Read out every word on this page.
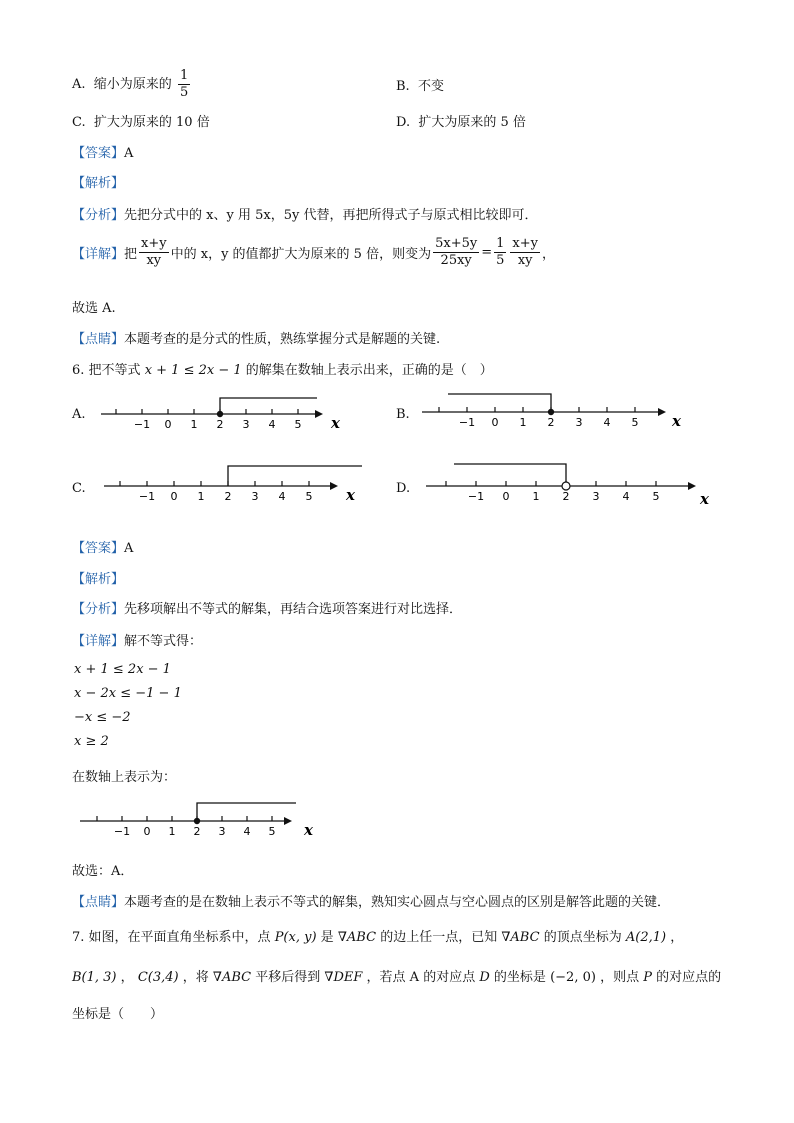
A. 缩小为原来的 $\frac{1}{5}$	B. 不变
C. 扩大为原来的 10 倍	D. 扩大为原来的 5 倍
【答案】A
【解析】
【分析】先把分式中的 x、y 用 5x，5y 代替，再把所得式子与原式相比较即可．
【详解】 把 $\frac{x+y}{xy}$ 中的 x，y 的值都扩大为原来的 5 倍，则变为 $\frac{5x+5y}{25xy} = \frac{1}{5} \frac{x+y}{xy}$ ，
故选 A.
【点睛】本题考查的是分式的性质，熟练掌握分式是解题的关键.
6. 把不等式 x + 1 ≤ 2x − 1 的解集在数轴上表示出来，正确的是（　）
A.
−1 0 1 2 3 4 5 x	B.
−1 0 1 2 3 4 5 x
C.
−1 0 1 2 3 4 5 x	D.
−1 0 1 2 3 4 5	x
【答案】A
【解析】
【分析】先移项解出不等式的解集，再结合选项答案进行对比选择．
【详解】解不等式得：
x + 1 ≤ 2x − 1
x − 2x ≤ −1 − 1
−x ≤ −2
x ≥ 2
在数轴上表示为：
−1 0 1 2 3 4 5 x
故选：A．
【点睛】本题考查的是在数轴上表示不等式的解集，熟知实心圆点与空心圆点的区别是解答此题的关键．
7. 如图，在平面直角坐标系中，点 P(x, y) 是 ∇ABC 的边上任一点，已知 ∇ABC 的顶点坐标为 A(2,1) ，
B(1, 3) ， C(3,4) ，将 ∇ABC 平移后得到 ∇DEF ，若点 A 的对应点 D 的坐标是 (−2, 0) ，则点 P 的对应点的
坐标是（　　）
